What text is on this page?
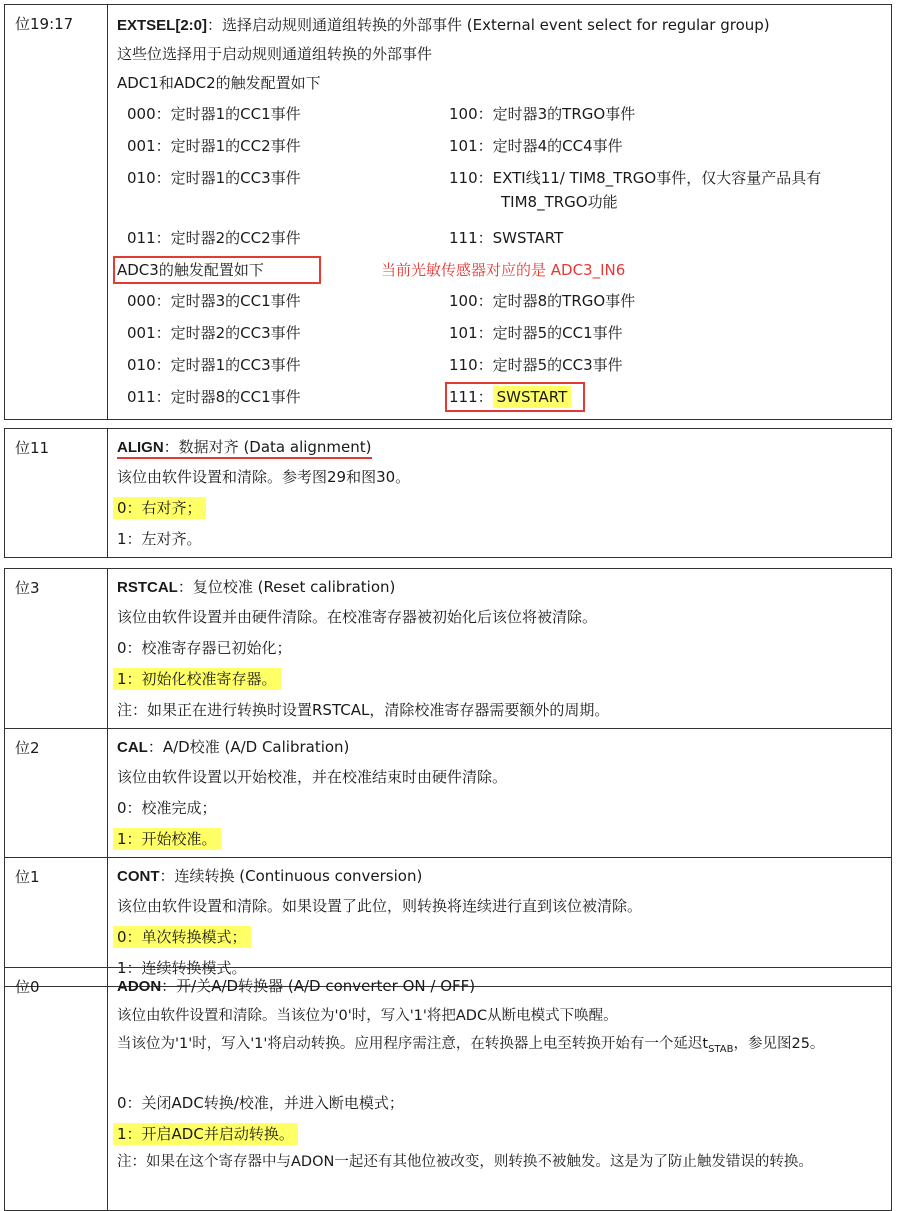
位19:17	EXTSEL[2:0]：选择启动规则通道组转换的外部事件 (External event select for regular group)
这些位选择用于启动规则通道组转换的外部事件
ADC1和ADC2的触发配置如下
000：定时器1的CC1事件	100：定时器3的TRGO事件
001：定时器1的CC2事件	101：定时器4的CC4事件
010：定时器1的CC3事件	110：EXTI线11/ TIM8_TRGO事件，仅大容量产品具有TIM8_TRGO功能
011：定时器2的CC2事件	111：SWSTART
ADC3的触发配置如下	当前光敏传感器对应的是 ADC3_IN6
000：定时器3的CC1事件	100：定时器8的TRGO事件
001：定时器2的CC3事件	101：定时器5的CC1事件
010：定时器1的CC3事件	110：定时器5的CC3事件
011：定时器8的CC1事件	111： SWSTART
位11	ALIGN：数据对齐 (Data alignment)
该位由软件设置和清除。参考图29和图30。
0：右对齐；
1：左对齐。
位3	RSTCAL：复位校准 (Reset calibration)
该位由软件设置并由硬件清除。在校准寄存器被初始化后该位将被清除。
0：校准寄存器已初始化；
1：初始化校准寄存器。
注：如果正在进行转换时设置RSTCAL，清除校准寄存器需要额外的周期。

位2	CAL：A/D校准 (A/D Calibration)
该位由软件设置以开始校准，并在校准结束时由硬件清除。
0：校准完成；
1：开始校准。

位1	CONT：连续转换 (Continuous conversion)
该位由软件设置和清除。如果设置了此位，则转换将连续进行直到该位被清除。
0：单次转换模式；
1：连续转换模式。
位0	ADON：开/关A/D转换器 (A/D converter ON / OFF)
该位由软件设置和清除。当该位为'0'时，写入'1'将把ADC从断电模式下唤醒。
当该位为'1'时，写入'1'将启动转换。应用程序需注意，在转换器上电至转换开始有一个延迟$t_{STAB}$，参见图25。
0：关闭ADC转换/校准，并进入断电模式；
1：开启ADC并启动转换。
注：如果在这个寄存器中与ADON一起还有其他位被改变，则转换不被触发。这是为了防止触发错误的转换。
